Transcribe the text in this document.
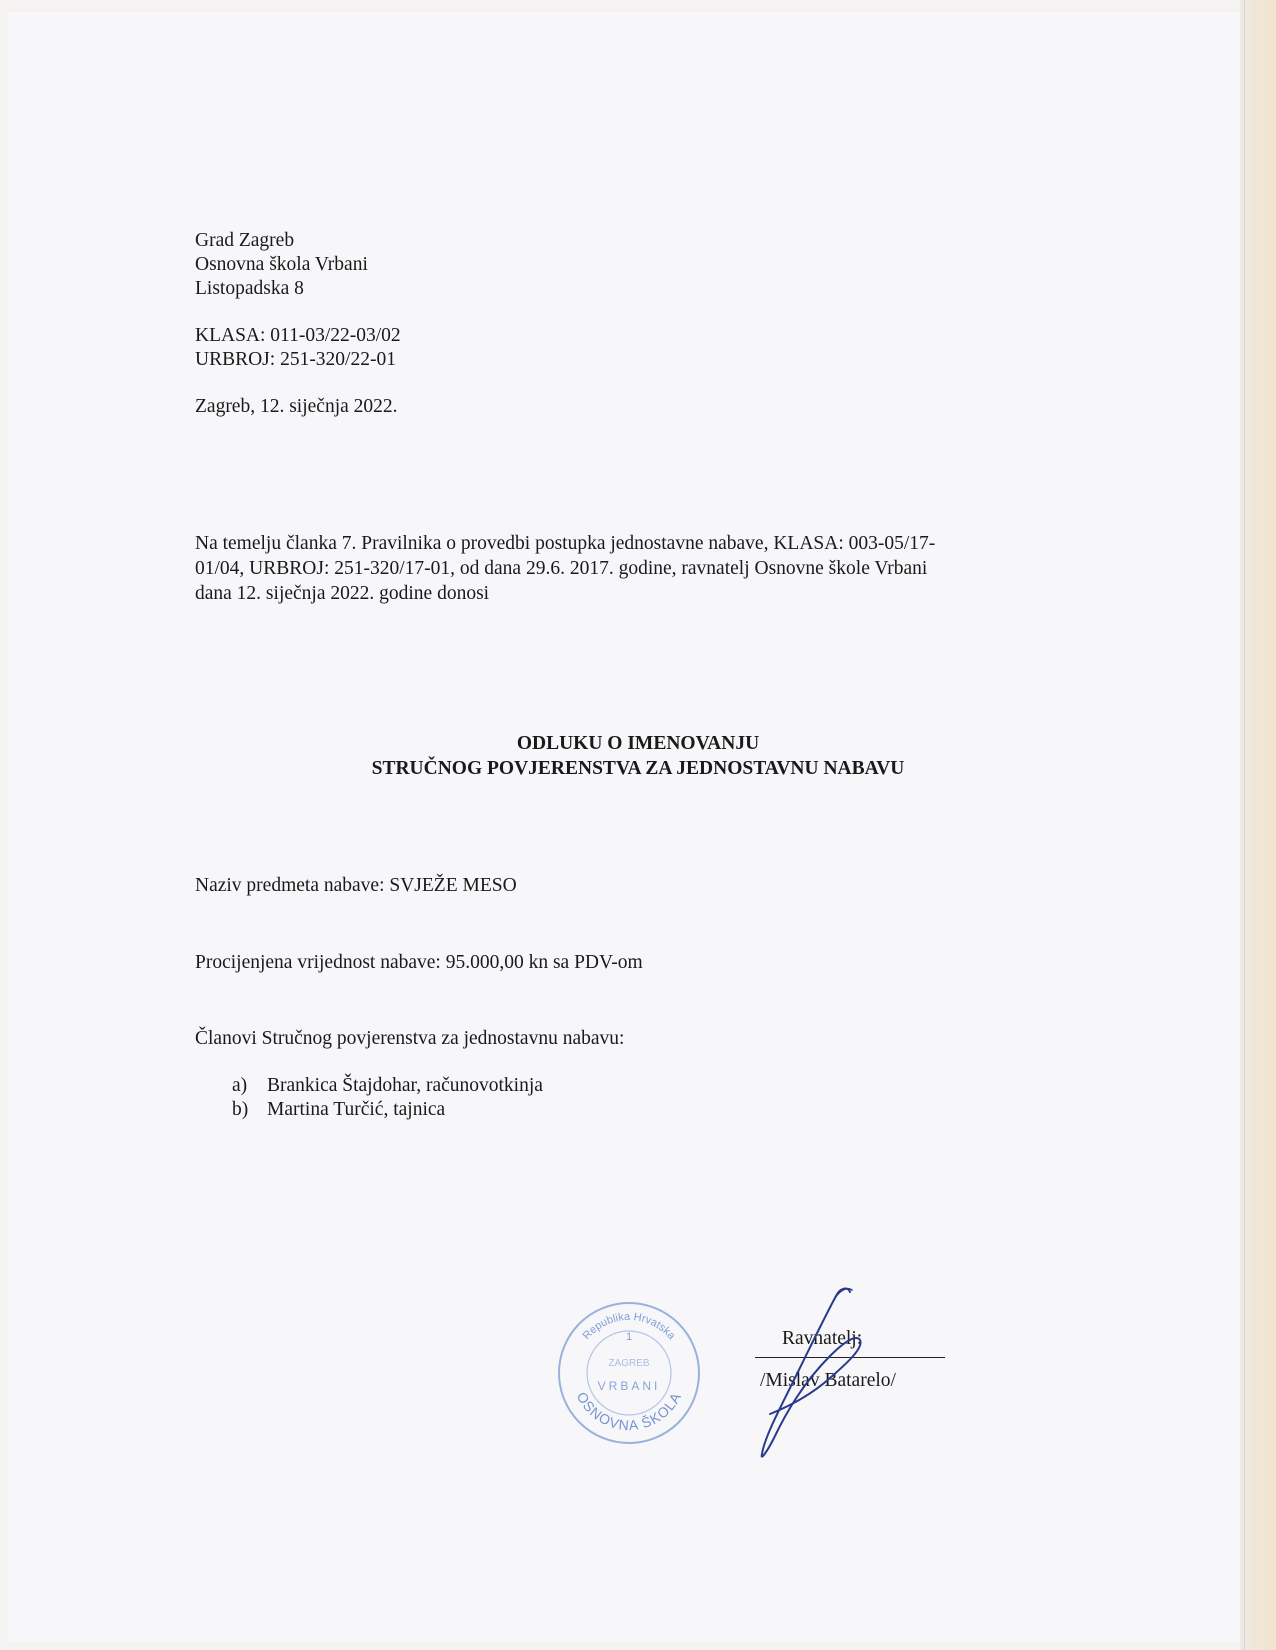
Grad Zagreb
Osnovna škola Vrbani
Listopadska 8
KLASA: 011-03/22-03/02
URBROJ: 251-320/22-01
Zagreb, 12. siječnja 2022.
Na temelju članka 7. Pravilnika o provedbi postupka jednostavne nabave, KLASA: 003-05/17-
01/04, URBROJ: 251-320/17-01, od dana 29.6. 2017. godine, ravnatelj Osnovne škole Vrbani
dana 12. siječnja 2022. godine donosi
ODLUKU O IMENOVANJU
STRUČNOG POVJERENSTVA ZA JEDNOSTAVNU NABAVU
Naziv predmeta nabave: SVJEŽE MESO
Procijenjena vrijednost nabave: 95.000,00 kn sa PDV-om
Članovi Stručnog povjerenstva za jednostavnu nabavu:
a) Brankica Štajdohar, računovotkinja
b) Martina Turčić, tajnica
Republika Hrvatska
1
ZAGREB
VRBANI
OSNOVNA ŠKOLA
Ravnatelj:
/Mislav Batarelo/
